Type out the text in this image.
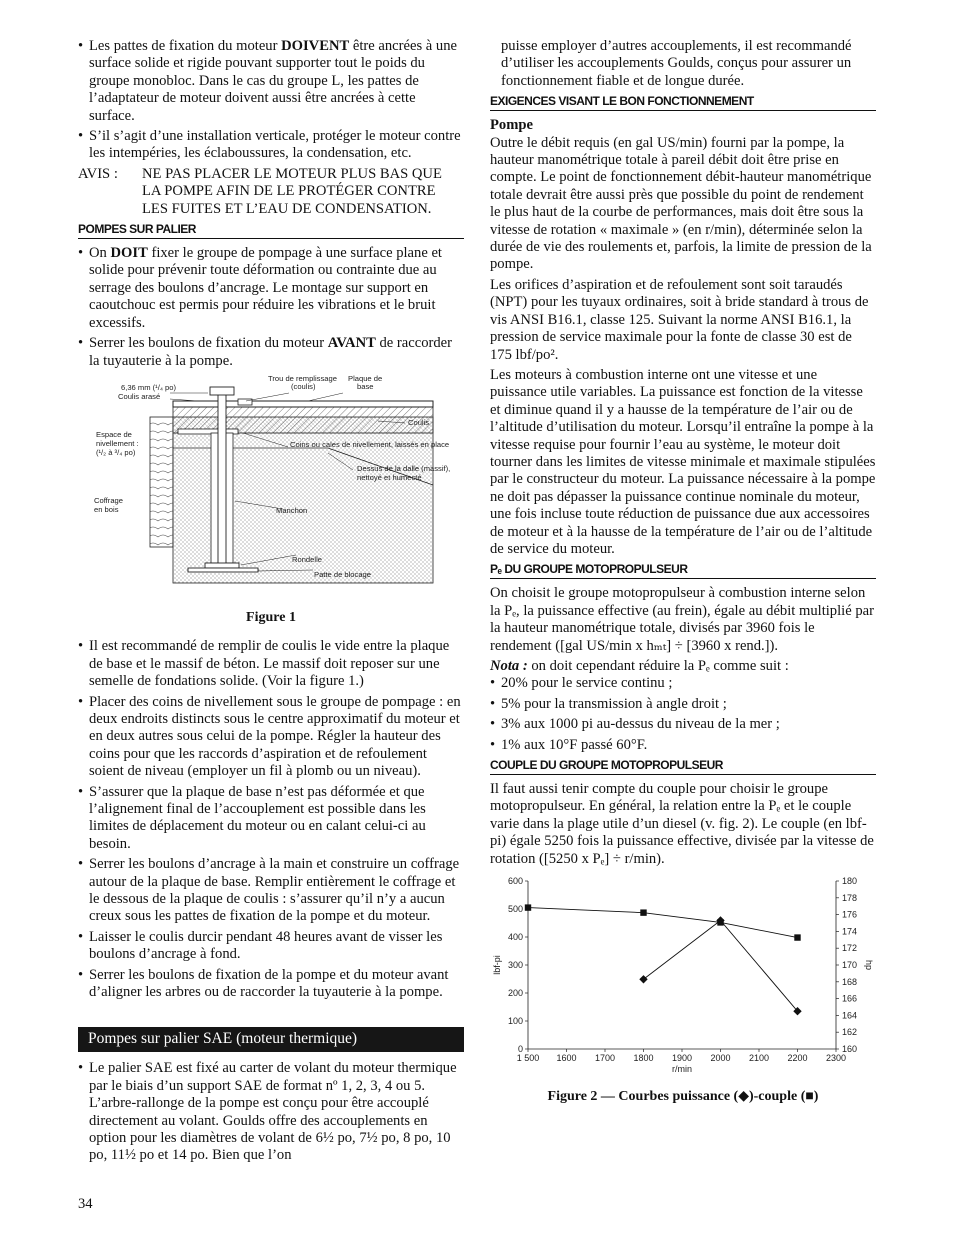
• Les pattes de fixation du moteur DOIVENT être ancrées à une surface solide et rigide pouvant supporter tout le poids du groupe monobloc. Dans le cas du groupe L, les pattes de l’adaptateur de moteur doivent aussi être ancrées à cette surface.
• S’il s’agit d’une installation verticale, protéger le moteur contre les intempéries, les éclaboussures, la condensation, etc.
AVIS :	NE PAS PLACER LE MOTEUR PLUS BAS QUE LA POMPE AFIN DE LE PROTÉGER CONTRE LES FUITES ET L’EAU DE CONDENSATION.
POMPES SUR PALIER
• On DOIT fixer le groupe de pompage à une surface plane et solide pour prévenir toute déformation ou contrainte due au serrage des boulons d’ancrage. Le montage sur support en caoutchouc est permis pour réduire les vibrations et le bruit excessifs.
• Serrer les boulons de fixation du moteur AVANT de raccorder la tuyauterie à la pompe.
6,36 mm (¹/₄ po)
Coulis arasé
Trou de remplissage
(coulis)
Plaque de
base
Coulis
Espace de
nivellement :
(¹/₂ à ³/₄ po)
Coins ou cales de nivellement, laissés en place
Dessus de la dalle (massif),
nettoyé et humecté
Coffrage
en bois	Manchon
Rondelle
Patte de blocage
Figure 1
• Il est recommandé de remplir de coulis le vide entre la plaque de base et le massif de béton. Le massif doit reposer sur une semelle de fondations solide. (Voir la figure 1.)
• Placer des coins de nivellement sous le groupe de pompage : en deux endroits distincts sous le centre approximatif du moteur et en deux autres sous celui de la pompe. Régler la hauteur des coins pour que les raccords d’aspiration et de refoulement soient de niveau (employer un fil à plomb ou un niveau).
• S’assurer que la plaque de base n’est pas déformée et que l’alignement final de l’accouplement est possible dans les limites de déplacement du moteur ou en calant celui-ci au besoin.
• Serrer les boulons d’ancrage à la main et construire un coffrage autour de la plaque de base. Remplir entièrement le coffrage et le dessous de la plaque de coulis : s’assurer qu’il n’y a aucun creux sous les pattes de fixation de la pompe et du moteur.
• Laisser le coulis durcir pendant 48 heures avant de visser les boulons d’ancrage à fond.
• Serrer les boulons de fixation de la pompe et du moteur avant d’aligner les arbres ou de raccorder la tuyauterie à la pompe.
Pompes sur palier SAE (moteur thermique)
• Le palier SAE est fixé au carter de volant du moteur thermique par le biais d’un support SAE de format nº 1, 2, 3, 4 ou 5. L’arbre-rallonge de la pompe est conçu pour être accouplé directement au volant. Goulds offre des accouplements en option pour les diamètres de volant de 6½ po, 7½ po, 8 po, 10 po, 11½ po et 14 po. Bien que l’on
34

puisse employer d’autres accouplements, il est recommandé d’utiliser les accouplements Goulds, conçus pour assurer un fonctionnement fiable et de longue durée.

EXIGENCES VISANT LE BON FONCTIONNEMENT

Pompe

Outre le débit requis (en gal US/min) fourni par la pompe, la hauteur manométrique totale à pareil débit doit être prise en compte. Le point de fonctionnement débit-hauteur manométrique totale devrait être aussi près que possible du point de rendement le plus haut de la courbe de performances, mais doit être sous la vitesse de rotation « maximale » (en r/min), déterminée selon la durée de vie des roulements et, parfois, la limite de pression de la pompe.

Les orifices d’aspiration et de refoulement sont soit taraudés (NPT) pour les tuyaux ordinaires, soit à bride standard à trous de vis ANSI B16.1, classe 125. Suivant la norme ANSI B16.1, la pression de service maximale pour la fonte de classe 30 est de 175 lbf/po².

Les moteurs à combustion interne ont une vitesse et une puissance utile variables. La puissance est fonction de la vitesse et diminue quand il y a hausse de la température de l’air ou de l’altitude d’utilisation du moteur. Lorsqu’il entraîne la pompe à la vitesse requise pour fournir l’eau au système, le moteur doit tourner dans les limites de vitesse minimale et maximale stipulées par le constructeur du moteur. La puissance nécessaire à la pompe ne doit pas dépasser la puissance continue nominale du moteur, une fois incluse toute réduction de puissance due aux accessoires de moteur et à la hausse de la température de l’air ou de l’altitude de service du moteur.

Pₑ DU GROUPE MOTOPROPULSEUR

On choisit le groupe motopropulseur à combustion interne selon la Pₑ, la puissance effective (au frein), égale au débit multiplié par la hauteur manométrique totale, divisés par 3960 fois le rendement ([gal US/min x hₘₜ] ÷ [3960 x rend.]).

Nota : on doit cependant réduire la Pₑ comme suit :

• 20% pour le service continu ;
• 5% pour la transmission à angle droit ;
• 3% aux 1000 pi au-dessus du niveau de la mer ;
• 1% aux 10°F passé 60°F.
COUPLE DU GROUPE MOTOPROPULSEUR

Il faut aussi tenir compte du couple pour choisir le groupe motopropulseur. En général, la relation entre la Pₑ et le couple varie dans la plage utile d’un diesel (v. fig. 2). Le couple (en lbf-pi) égale 5250 fois la puissance effective, divisée par la vitesse de rotation ([5250 x Pₑ] ÷ r/min).

0
100
200
300
400
500
600
160
162
164
166
168
170
172
174
176
178
180
1 500 1600 1700 1800 1900 2000 2100 2200 2300
r/min
lbf-pi	hp
Figure 2 — Courbes puissance (◆)-couple (■)
